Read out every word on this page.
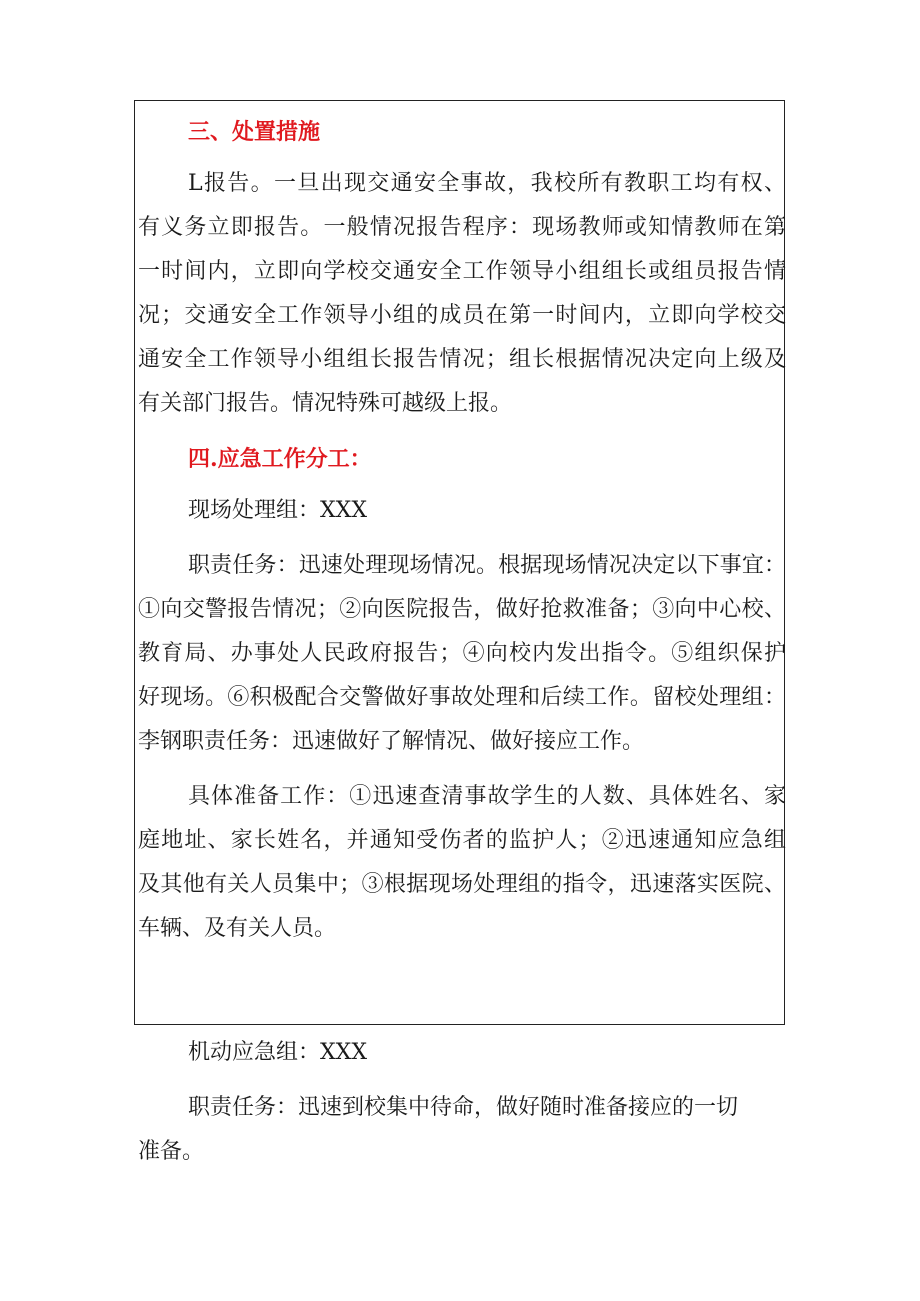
三、处置措施
L报告。一旦出现交通安全事故，我校所有教职工均有权、
有义务立即报告。一般情况报告程序：现场教师或知情教师在第
一时间内，立即向学校交通安全工作领导小组组长或组员报告情
况；交通安全工作领导小组的成员在第一时间内，立即向学校交
通安全工作领导小组组长报告情况；组长根据情况决定向上级及
有关部门报告。情况特殊可越级上报。
四.应急工作分工：
现场处理组：XXX
职责任务：迅速处理现场情况。根据现场情况决定以下事宜：
①向交警报告情况；②向医院报告，做好抢救准备；③向中心校、
教育局、办事处人民政府报告；④向校内发出指令。⑤组织保护
好现场。⑥积极配合交警做好事故处理和后续工作。留校处理组：
李钢职责任务：迅速做好了解情况、做好接应工作。
具体准备工作：①迅速查清事故学生的人数、具体姓名、家
庭地址、家长姓名，并通知受伤者的监护人；②迅速通知应急组
及其他有关人员集中；③根据现场处理组的指令，迅速落实医院、
车辆、及有关人员。
机动应急组：XXX
职责任务：迅速到校集中待命，做好随时准备接应的一切
准备。
